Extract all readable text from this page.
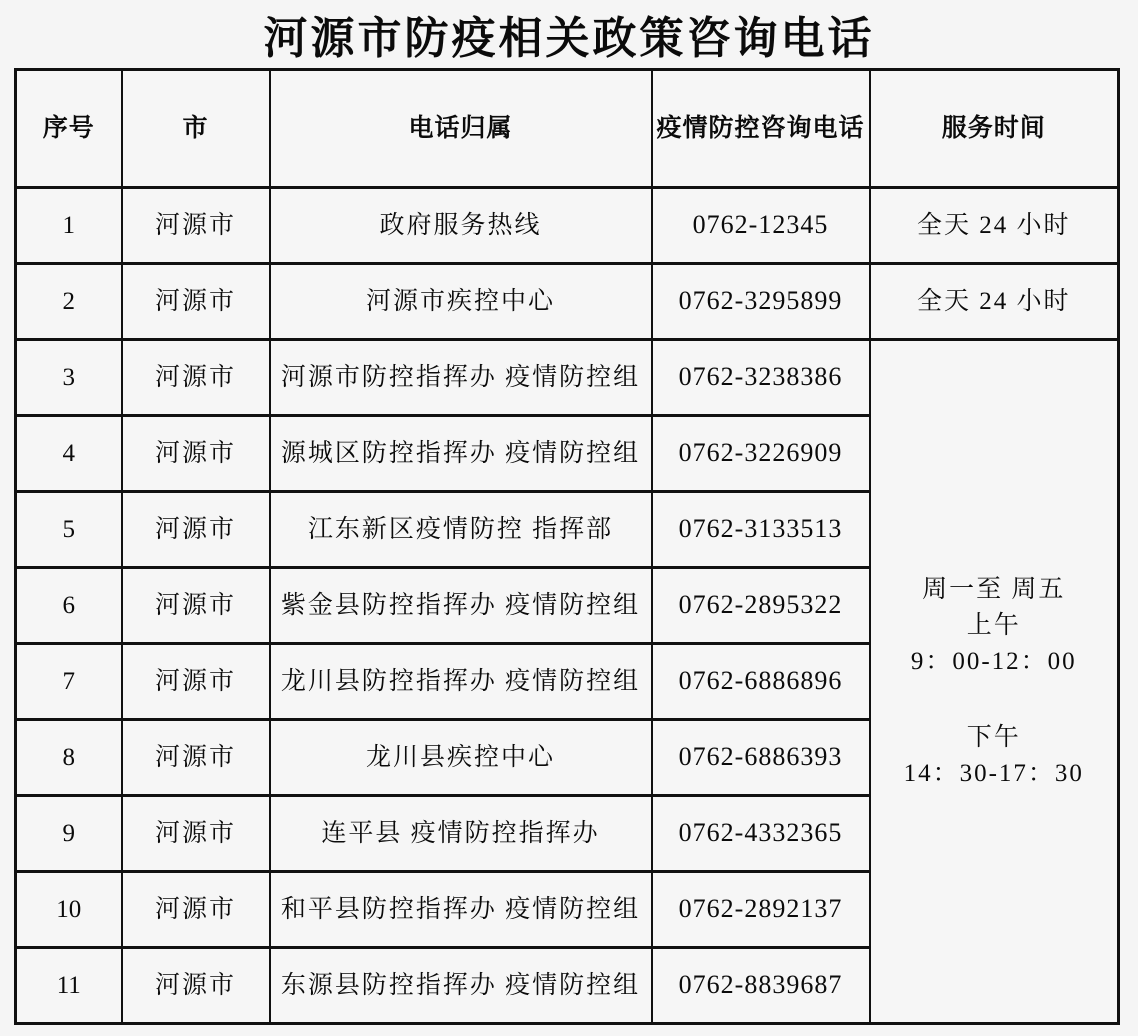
河源市防疫相关政策咨询电话
序号	市	电话归属	疫情防控咨询电话	服务时间
1	河源市	政府服务热线	0762-12345	全天 24 小时
2	河源市	河源市疾控中心	0762-3295899	全天 24 小时
3	河源市	河源市防控指挥办 疫情防控组	0762-3238386	周一至 周五
上午
9：00-12：00
下午
14：30-17：30

4	河源市	源城区防控指挥办 疫情防控组	0762-3226909	
5	河源市	江东新区疫情防控 指挥部	0762-3133513	
6	河源市	紫金县防控指挥办 疫情防控组	0762-2895322	
7	河源市	龙川县防控指挥办 疫情防控组	0762-6886896	
8	河源市	龙川县疾控中心	0762-6886393	
9	河源市	连平县 疫情防控指挥办	0762-4332365	
10	河源市	和平县防控指挥办 疫情防控组	0762-2892137	
11	河源市	东源县防控指挥办 疫情防控组	0762-8839687	
